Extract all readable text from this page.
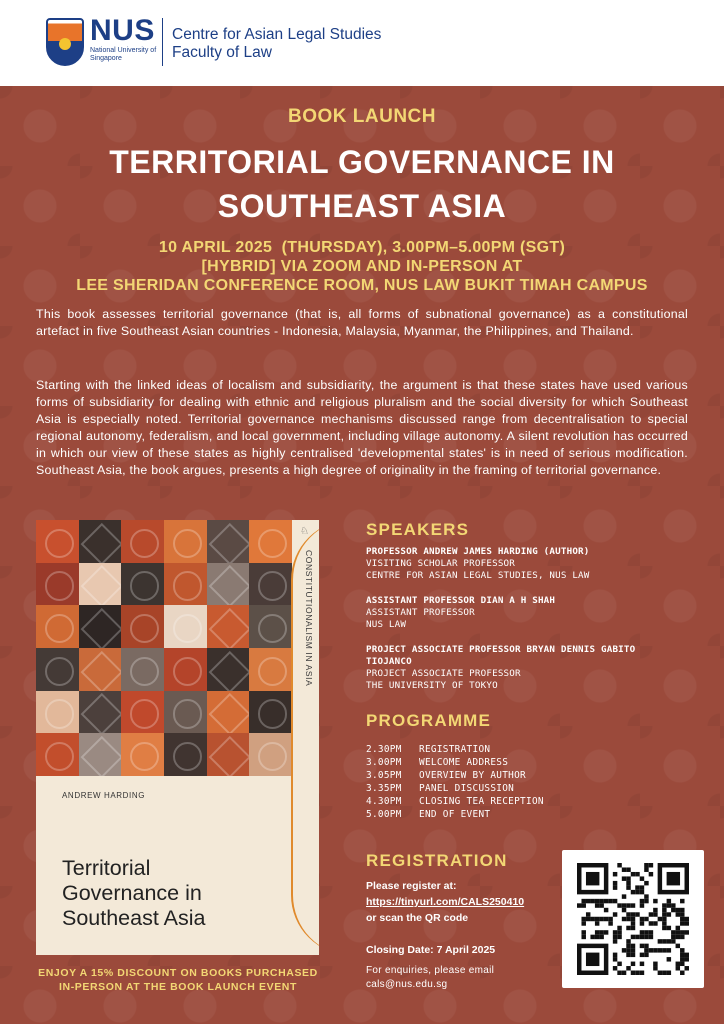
NUS
National University of Singapore
Centre for Asian Legal Studies
Faculty of Law
BOOK LAUNCH
TERRITORIAL GOVERNANCE IN
SOUTHEAST ASIA
10 APRIL 2025  (THURSDAY), 3.00PM–5.00PM (SGT)
[HYBRID] VIA ZOOM AND IN-PERSON AT
LEE SHERIDAN CONFERENCE ROOM, NUS LAW BUKIT TIMAH CAMPUS
This book assesses territorial governance (that is, all forms of subnational governance) as a constitutional artefact in five Southeast Asian countries - Indonesia, Malaysia, Myanmar, the Philippines, and Thailand.
Starting with the linked ideas of localism and subsidiarity, the argument is that these states have used various forms of subsidiarity for dealing with ethnic and religious pluralism and the social diversity for which Southeast Asia is especially noted. Territorial governance mechanisms discussed range from decentralisation to special regional autonomy, federalism, and local government, including village autonomy. A silent revolution has occurred in which our view of these states as highly centralised 'developmental states' is in need of serious modification. Southeast Asia, the book argues, presents a high degree of originality in the framing of territorial governance.
♘
CONSTITUTIONALISM IN ASIA
ANDREW HARDING
Territorial
Governance in
Southeast Asia
ENJOY A 15% DISCOUNT ON BOOKS PURCHASED
IN-PERSON AT THE BOOK LAUNCH EVENT
SPEAKERS
PROFESSOR ANDREW JAMES HARDING (AUTHOR)
VISITING SCHOLAR PROFESSOR
CENTRE FOR ASIAN LEGAL STUDIES, NUS LAW
ASSISTANT PROFESSOR DIAN A H SHAH
ASSISTANT PROFESSOR
NUS LAW
PROJECT ASSOCIATE PROFESSOR BRYAN DENNIS GABITO
TIOJANCO
PROJECT ASSOCIATE PROFESSOR
THE UNIVERSITY OF TOKYO
PROGRAMME
2.30PM REGISTRATION
3.00PM WELCOME ADDRESS
3.05PM OVERVIEW BY AUTHOR
3.35PM PANEL DISCUSSION
4.30PM CLOSING TEA RECEPTION
5.00PM END OF EVENT
REGISTRATION
Please register at:
https://tinyurl.com/CALS250410
or scan the QR code
Closing Date: 7 April 2025
For enquiries, please email
cals@nus.edu.sg
